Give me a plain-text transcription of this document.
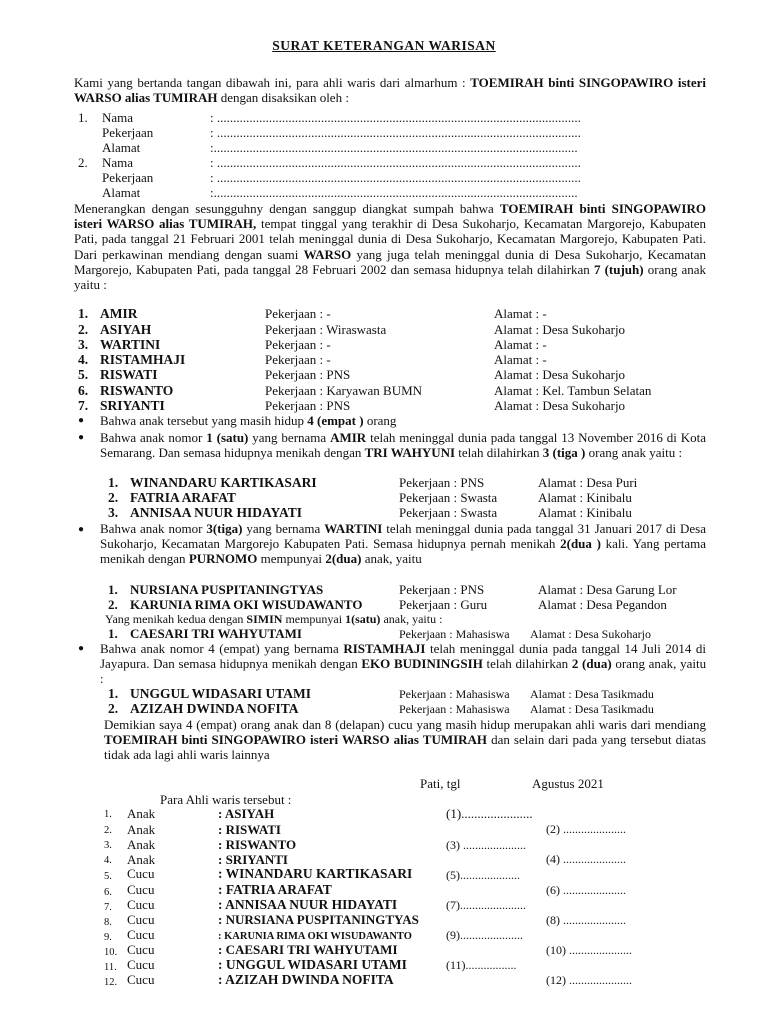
SURAT KETERANGAN WARISAN
Kami yang bertanda tangan dibawah ini, para ahli waris dari almarhum : TOEMIRAH binti SINGOPAWIRO isteri WARSO alias TUMIRAH dengan disaksikan oleh :
1. Nama	: ................................................................................................................
Pekerjaan	: ................................................................................................................
Alamat	:................................................................................................................
2. Nama	: ................................................................................................................
Pekerjaan	: ................................................................................................................
Alamat	:................................................................................................................
Menerangkan dengan sesungguhny dengan sanggup diangkat sumpah bahwa TOEMIRAH binti SINGOPAWIRO isteri WARSO alias TUMIRAH, tempat tinggal yang terakhir di Desa Sukoharjo, Kecamatan Margorejo, Kabupaten Pati, pada tanggal 21 Februari 2001 telah meninggal dunia di Desa Sukoharjo, Kecamatan Margorejo, Kabupaten Pati. Dari perkawinan mendiang dengan suami WARSO yang juga telah meninggal dunia di Desa Sukoharjo, Kecamatan Margorejo, Kabupaten Pati, pada tanggal 28 Februari 2002 dan semasa hidupnya telah dilahirkan 7 (tujuh) orang anak yaitu :
1. AMIR	Pekerjaan : -	Alamat : -
2. ASIYAH	Pekerjaan : Wiraswasta	Alamat : Desa Sukoharjo
3. WARTINI	Pekerjaan : -	Alamat : -
4. RISTAMHAJI	Pekerjaan : -	Alamat : -
5. RISWATI	Pekerjaan : PNS	Alamat : Desa Sukoharjo
6. RISWANTO	Pekerjaan : Karyawan BUMN	Alamat : Kel. Tambun Selatan
7. SRIYANTI	Pekerjaan : PNS	Alamat : Desa Sukoharjo
● Bahwa anak tersebut yang masih hidup 4 (empat ) orang
● Bahwa anak nomor 1 (satu) yang bernama AMIR telah meninggal dunia pada tanggal 13 November 2016 di Kota Semarang. Dan semasa hidupnya menikah dengan TRI WAHYUNI telah dilahirkan 3 (tiga ) orang anak yaitu :
1. WINANDARU KARTIKASARI	Pekerjaan : PNS	Alamat : Desa Puri
2. FATRIA ARAFAT	Pekerjaan : Swasta	Alamat : Kinibalu
3. ANNISAA NUUR HIDAYATI	Pekerjaan : Swasta	Alamat : Kinibalu
● Bahwa anak nomor 3(tiga) yang bernama WARTINI telah meninggal dunia pada tanggal 31 Januari 2017 di Desa Sukoharjo, Kecamatan Margorejo Kabupaten Pati. Semasa hidupnya pernah menikah 2(dua ) kali. Yang pertama menikah dengan PURNOMO mempunyai 2(dua) anak, yaitu
1. NURSIANA PUSPITANINGTYAS	Pekerjaan : PNS	Alamat : Desa Garung Lor
2. KARUNIA RIMA OKI WISUDAWANTO	Pekerjaan : Guru	Alamat : Desa Pegandon
Yang menikah kedua dengan SIMIN mempunyai 1(satu) anak, yaitu :
1. CAESARI TRI WAHYUTAMI	Pekerjaan : Mahasiswa Alamat : Desa Sukoharjo
● Bahwa anak nomor 4 (empat) yang bernama RISTAMHAJI telah meninggal dunia pada tanggal 14 Juli 2014 di Jayapura. Dan semasa hidupnya menikah dengan EKO BUDININGSIH telah dilahirkan 2 (dua) orang anak, yaitu :
1. UNGGUL WIDASARI UTAMI	Pekerjaan : Mahasiswa Alamat : Desa Tasikmadu
2. AZIZAH DWINDA NOFITA	Pekerjaan : Mahasiswa Alamat : Desa Tasikmadu
Demikian saya 4 (empat) orang anak dan 8 (delapan) cucu yang masih hidup merupakan ahli waris dari mendiang TOEMIRAH binti SINGOPAWIRO isteri WARSO alias TUMIRAH dan selain dari pada yang tersebut diatas tidak ada lagi ahli waris lainnya
Pati, tgl	Agustus 2021
Para Ahli waris tersebut :
1. Anak	: ASIYAH	(1)......................
2. Anak	: RISWATI	(2) .....................
3. Anak	: RISWANTO	(3) .....................
4. Anak	: SRIYANTI	(4) .....................
5. Cucu	: WINANDARU KARTIKASARI	(5)....................
6. Cucu	: FATRIA ARAFAT	(6) .....................
7. Cucu	: ANNISAA NUUR HIDAYATI	(7)......................
8. Cucu	: NURSIANA PUSPITANINGTYAS	(8) .....................
9. Cucu	: KARUNIA RIMA OKI WISUDAWANTO	(9).....................
10. Cucu	: CAESARI TRI WAHYUTAMI	(10) .....................
11. Cucu	: UNGGUL WIDASARI UTAMI	(11).................
12. Cucu	: AZIZAH DWINDA NOFITA	(12) .....................
